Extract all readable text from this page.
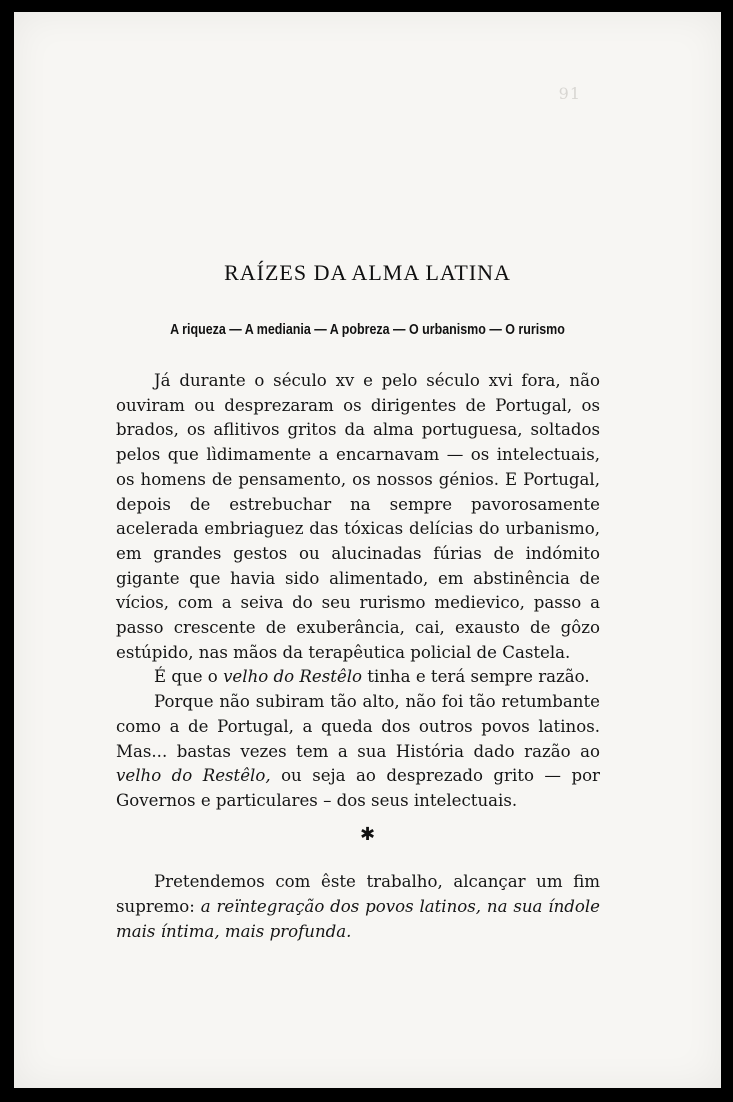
91
RAÍZES DA ALMA LATINA
A riqueza — A mediania — A pobreza — O urbanismo — O rurismo

Já durante o século xv e pelo século xvi fora, não ouviram ou desprezaram os dirigentes de Portugal, os brados, os aflitivos gritos da alma portuguesa, soltados pelos que lìdimamente a encarnavam — os intelectuais, os homens de pensamento, os nossos génios. E Portugal, depois de estrebuchar na sempre pavorosamente acelerada embriaguez das tóxicas delícias do urbanismo, em grandes gestos ou alucinadas fúrias de indómito gigante que havia sido alimentado, em abstinência de vícios, com a seiva do seu rurismo medievico, passo a passo crescente de exuberância, cai, exausto de gôzo estúpido, nas mãos da terapêutica policial de Castela.

É que o velho do Restêlo tinha e terá sempre razão.

Porque não subiram tão alto, não foi tão retumbante como a de Portugal, a queda dos outros povos latinos. Mas... bastas vezes tem a sua História dado razão ao velho do Restêlo, ou seja ao desprezado grito — por Governos e particulares – dos seus intelectuais.

✱

Pretendemos com êste trabalho, alcançar um fim supremo: a reïntegração dos povos latinos, na sua índole mais íntima, mais profunda.
